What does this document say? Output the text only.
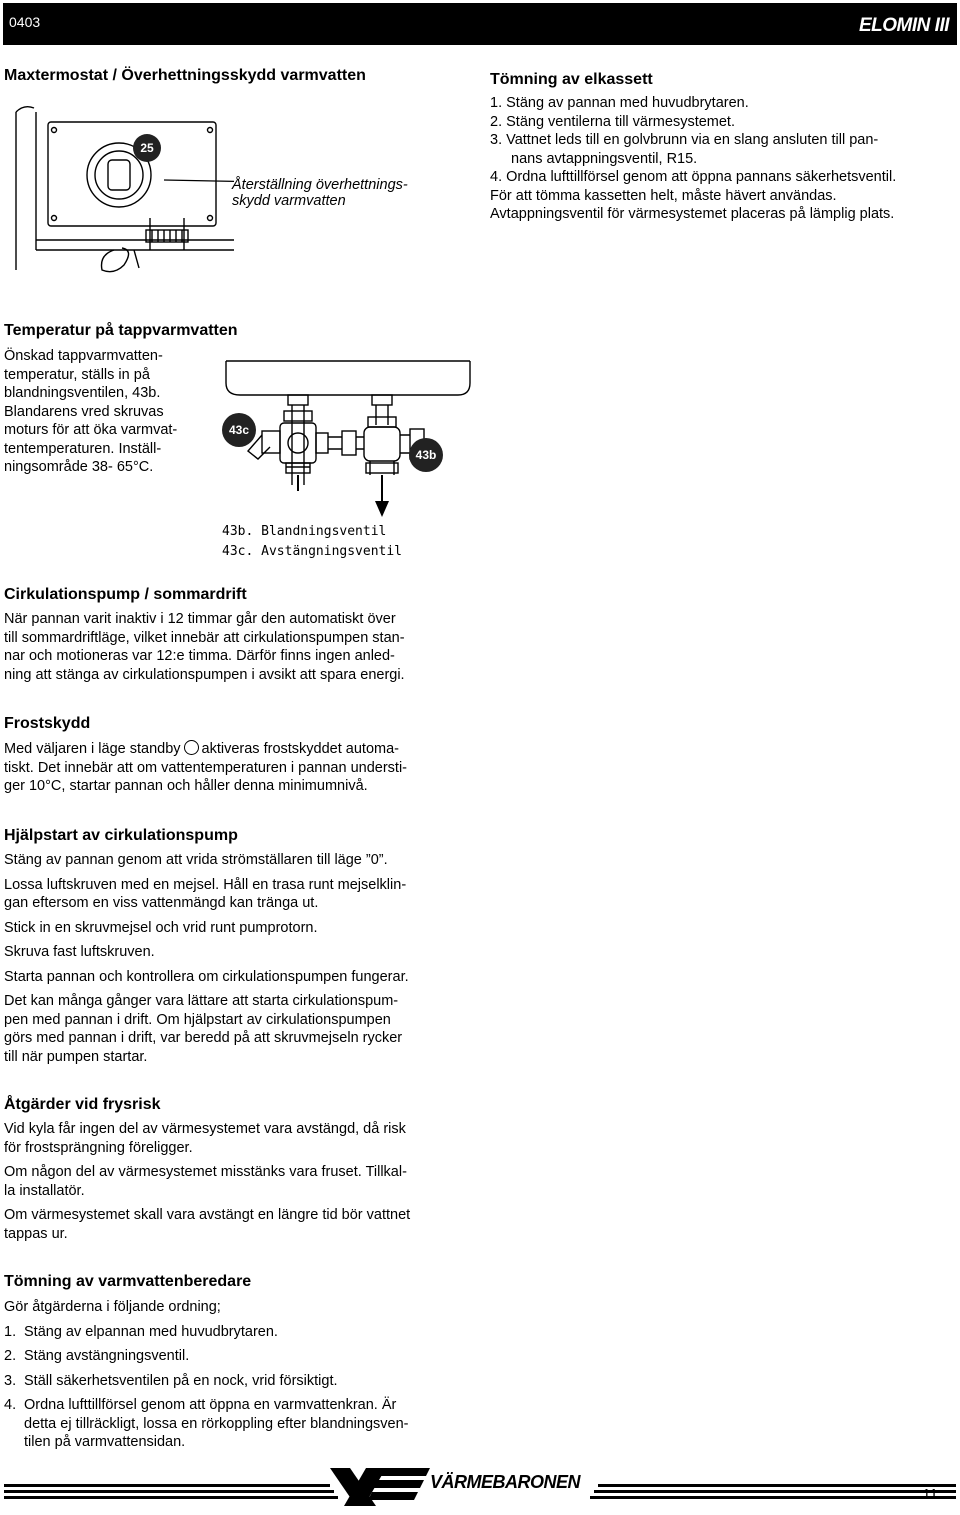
0403	ELOMIN III
Maxtermostat / Överhettningsskydd varmvatten
25
Återställning överhettnings-
skydd varmvatten
Tömning av elkassett
1. Stäng av pannan med huvudbrytaren.
2. Stäng ventilerna till värmesystemet.
3. Vattnet leds till en golvbrunn via en slang ansluten till pan-
nans avtappningsventil, R15.
4. Ordna lufttillförsel genom att öppna pannans säkerhetsventil.
För att tömma kassetten helt, måste hävert användas.
Avtappningsventil för värmesystemet placeras på lämplig plats.
Temperatur på tappvarmvatten
Önskad tappvarmvatten-
temperatur, ställs in på
blandningsventilen, 43b.
Blandarens vred skruvas
moturs för att öka varmvat-
tentemperaturen. Inställ-
ningsområde 38- 65°C.
43c
43b
43b. Blandningsventil
43c. Avstängningsventil
Cirkulationspump / sommardrift
När pannan varit inaktiv i 12 timmar går den automatiskt över
till sommardriftläge, vilket innebär att cirkulationspumpen stan-
nar och motioneras var 12:e timma. Därför finns ingen anled-
ning att stänga av cirkulationspumpen i avsikt att spara energi.
Frostskydd
Med väljaren i läge standby aktiveras frostskyddet automa-
tiskt. Det innebär att om vattentemperaturen i pannan understi-
ger 10°C, startar pannan och håller denna minimumnivå.
Hjälpstart av cirkulationspump
Stäng av pannan genom att vrida strömställaren till läge ”0”.
Lossa luftskruven med en mejsel. Håll en trasa runt mejselklin-
gan eftersom en viss vattenmängd kan tränga ut.
Stick in en skruvmejsel och vrid runt pumprotorn.
Skruva fast luftskruven.
Starta pannan och kontrollera om cirkulationspumpen fungerar.
Det kan många gånger vara lättare att starta cirkulationspum-
pen med pannan i drift. Om hjälpstart av cirkulationspumpen
görs med pannan i drift, var beredd på att skruvmejseln rycker
till när pumpen startar.
Åtgärder vid frysrisk
Vid kyla får ingen del av värmesystemet vara avstängd, då risk
för frostsprängning föreligger.
Om någon del av värmesystemet misstänks vara fruset. Tillkal-
la installatör.
Om värmesystemet skall vara avstängt en längre tid bör vattnet
tappas ur.
Tömning av varmvattenberedare
Gör åtgärderna i följande ordning;
1. Stäng av elpannan med huvudbrytaren.
2. Stäng avstängningsventil.
3. Ställ säkerhetsventilen på en nock, vrid försiktigt.
4. Ordna lufttillförsel genom att öppna en varmvattenkran. Är
detta ej tillräckligt, lossa en rörkoppling efter blandningsven-
tilen på varmvattensidan.
VÄRMEBARONEN
11
